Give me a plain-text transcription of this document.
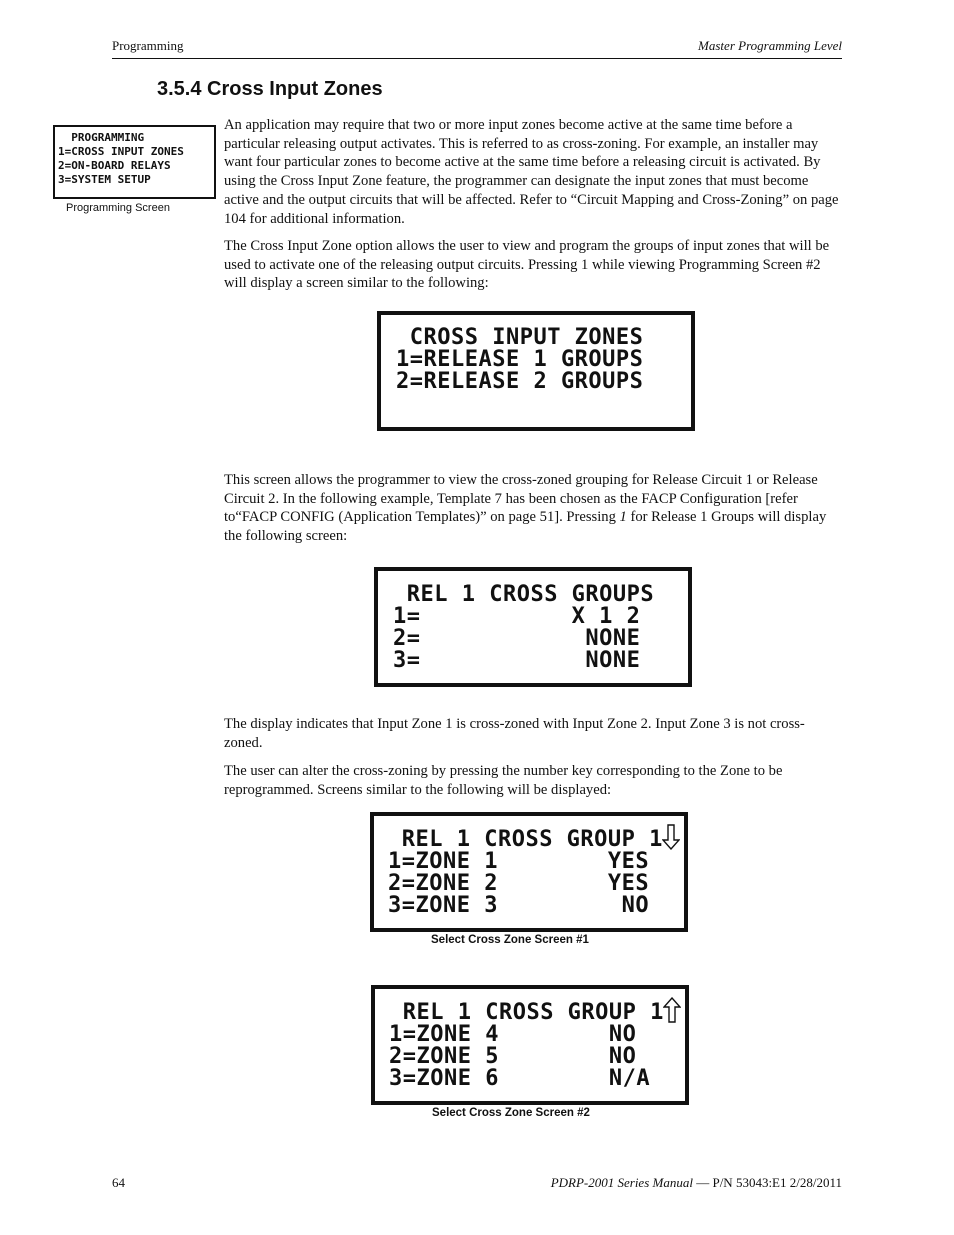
Programming	Master Programming Level
3.5.4 Cross Input Zones
PROGRAMMING
1=CROSS INPUT ZONES
2=ON-BOARD RELAYS
3=SYSTEM SETUP
Programming Screen

An application may require that two or more input zones become active at the same time before a particular releasing output activates. This is referred to as cross-zoning. For example, an installer may want four particular zones to become active at the same time before a releasing circuit is activated. By using the Cross Input Zone feature, the programmer can designate the input zones that must become active and the output circuits that will be affected. Refer to “Circuit Mapping and Cross-Zoning” on page 104 for additional information.

The Cross Input Zone option allows the user to view and program the groups of input zones that will be used to activate one of the releasing output circuits. Pressing 1 while viewing Programming Screen #2 will display a screen similar to the following:

CROSS INPUT ZONES
1=RELEASE 1 GROUPS
2=RELEASE 2 GROUPS

This screen allows the programmer to view the cross-zoned grouping for Release Circuit 1 or Release Circuit 2. In the following example, Template 7 has been chosen as the FACP Configuration [refer to“FACP CONFIG (Application Templates)” on page 51]. Pressing 1 for Release 1 Groups will display the following screen:

REL 1 CROSS GROUPS
1=           X 1 2
2=            NONE
3=            NONE

The display indicates that Input Zone 1 is cross-zoned with Input Zone 2. Input Zone 3 is not cross-zoned.

The user can alter the cross-zoning by pressing the number key corresponding to the Zone to be reprogrammed. Screens similar to the following will be displayed:

REL 1 CROSS GROUP 1
1=ZONE 1        YES
2=ZONE 2        YES
3=ZONE 3         NO
Select Cross Zone Screen #1
REL 1 CROSS GROUP 1
1=ZONE 4        NO
2=ZONE 5        NO
3=ZONE 6        N/A
Select Cross Zone Screen #2
64	PDRP-2001 Series Manual — P/N 53043:E1 2/28/2011
